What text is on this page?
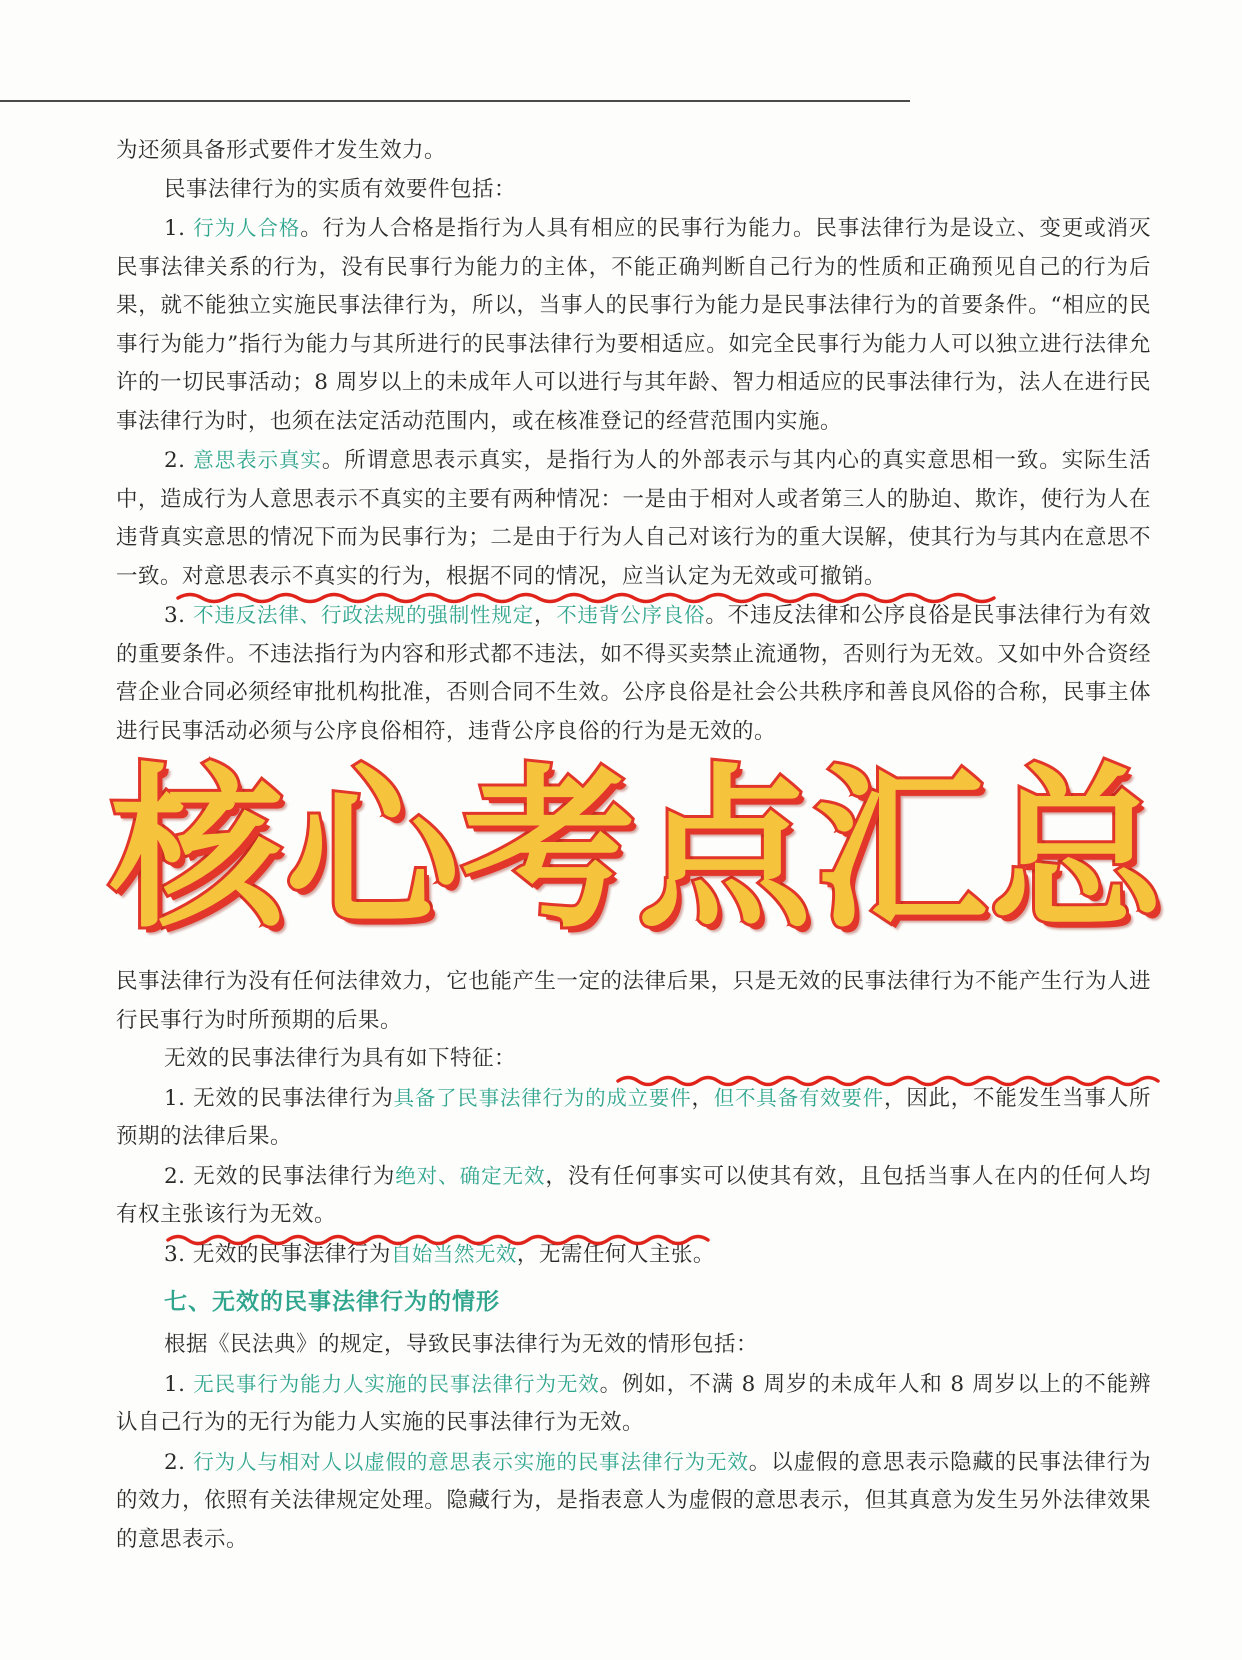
为还须具备形式要件才发生效力。

民事法律行为的实质有效要件包括：

1. 行为人合格。行为人合格是指行为人具有相应的民事行为能力。民事法律行为是设立、变更或消灭民事法律关系的行为，没有民事行为能力的主体，不能正确判断自己行为的性质和正确预见自己的行为后果，就不能独立实施民事法律行为，所以，当事人的民事行为能力是民事法律行为的首要条件。“相应的民事行为能力”指行为能力与其所进行的民事法律行为要相适应。如完全民事行为能力人可以独立进行法律允许的一切民事活动；8 周岁以上的未成年人可以进行与其年龄、智力相适应的民事法律行为，法人在进行民事法律行为时，也须在法定活动范围内，或在核准登记的经营范围内实施。

2. 意思表示真实。所谓意思表示真实，是指行为人的外部表示与其内心的真实意思相一致。实际生活中，造成行为人意思表示不真实的主要有两种情况：一是由于相对人或者第三人的胁迫、欺诈，使行为人在违背真实意思的情况下而为民事行为；二是由于行为人自己对该行为的重大误解，使其行为与其内在意思不一致。对意思表示不真实的行为，根据不同的情况，应当认定为无效或可撤销。

3. 不违反法律、行政法规的强制性规定，不违背公序良俗。不违反法律和公序良俗是民事法律行为有效的重要条件。不违法指行为内容和形式都不违法，如不得买卖禁止流通物，否则行为无效。又如中外合资经营企业合同必须经审批机构批准，否则合同不生效。公序良俗是社会公共秩序和善良风俗的合称，民事主体进行民事活动必须与公序良俗相符，违背公序良俗的行为是无效的。

民事法律行为没有任何法律效力，它也能产生一定的法律后果，只是无效的民事法律行为不能产生行为人进行民事行为时所预期的后果。

无效的民事法律行为具有如下特征：

1. 无效的民事法律行为具备了民事法律行为的成立要件，但不具备有效要件，因此，不能发生当事人所预期的法律后果。

2. 无效的民事法律行为绝对、确定无效，没有任何事实可以使其有效，且包括当事人在内的任何人均有权主张该行为无效。

3. 无效的民事法律行为自始当然无效，无需任何人主张。

七、无效的民事法律行为的情形

根据《民法典》的规定，导致民事法律行为无效的情形包括：

1. 无民事行为能力人实施的民事法律行为无效。例如，不满 8 周岁的未成年人和 8 周岁以上的不能辨认自己行为的无行为能力人实施的民事法律行为无效。

2. 行为人与相对人以虚假的意思表示实施的民事法律行为无效。以虚假的意思表示隐藏的民事法律行为的效力，依照有关法律规定处理。隐藏行为，是指表意人为虚假的意思表示，但其真意为发生另外法律效果的意思表示。

核心考点汇总
